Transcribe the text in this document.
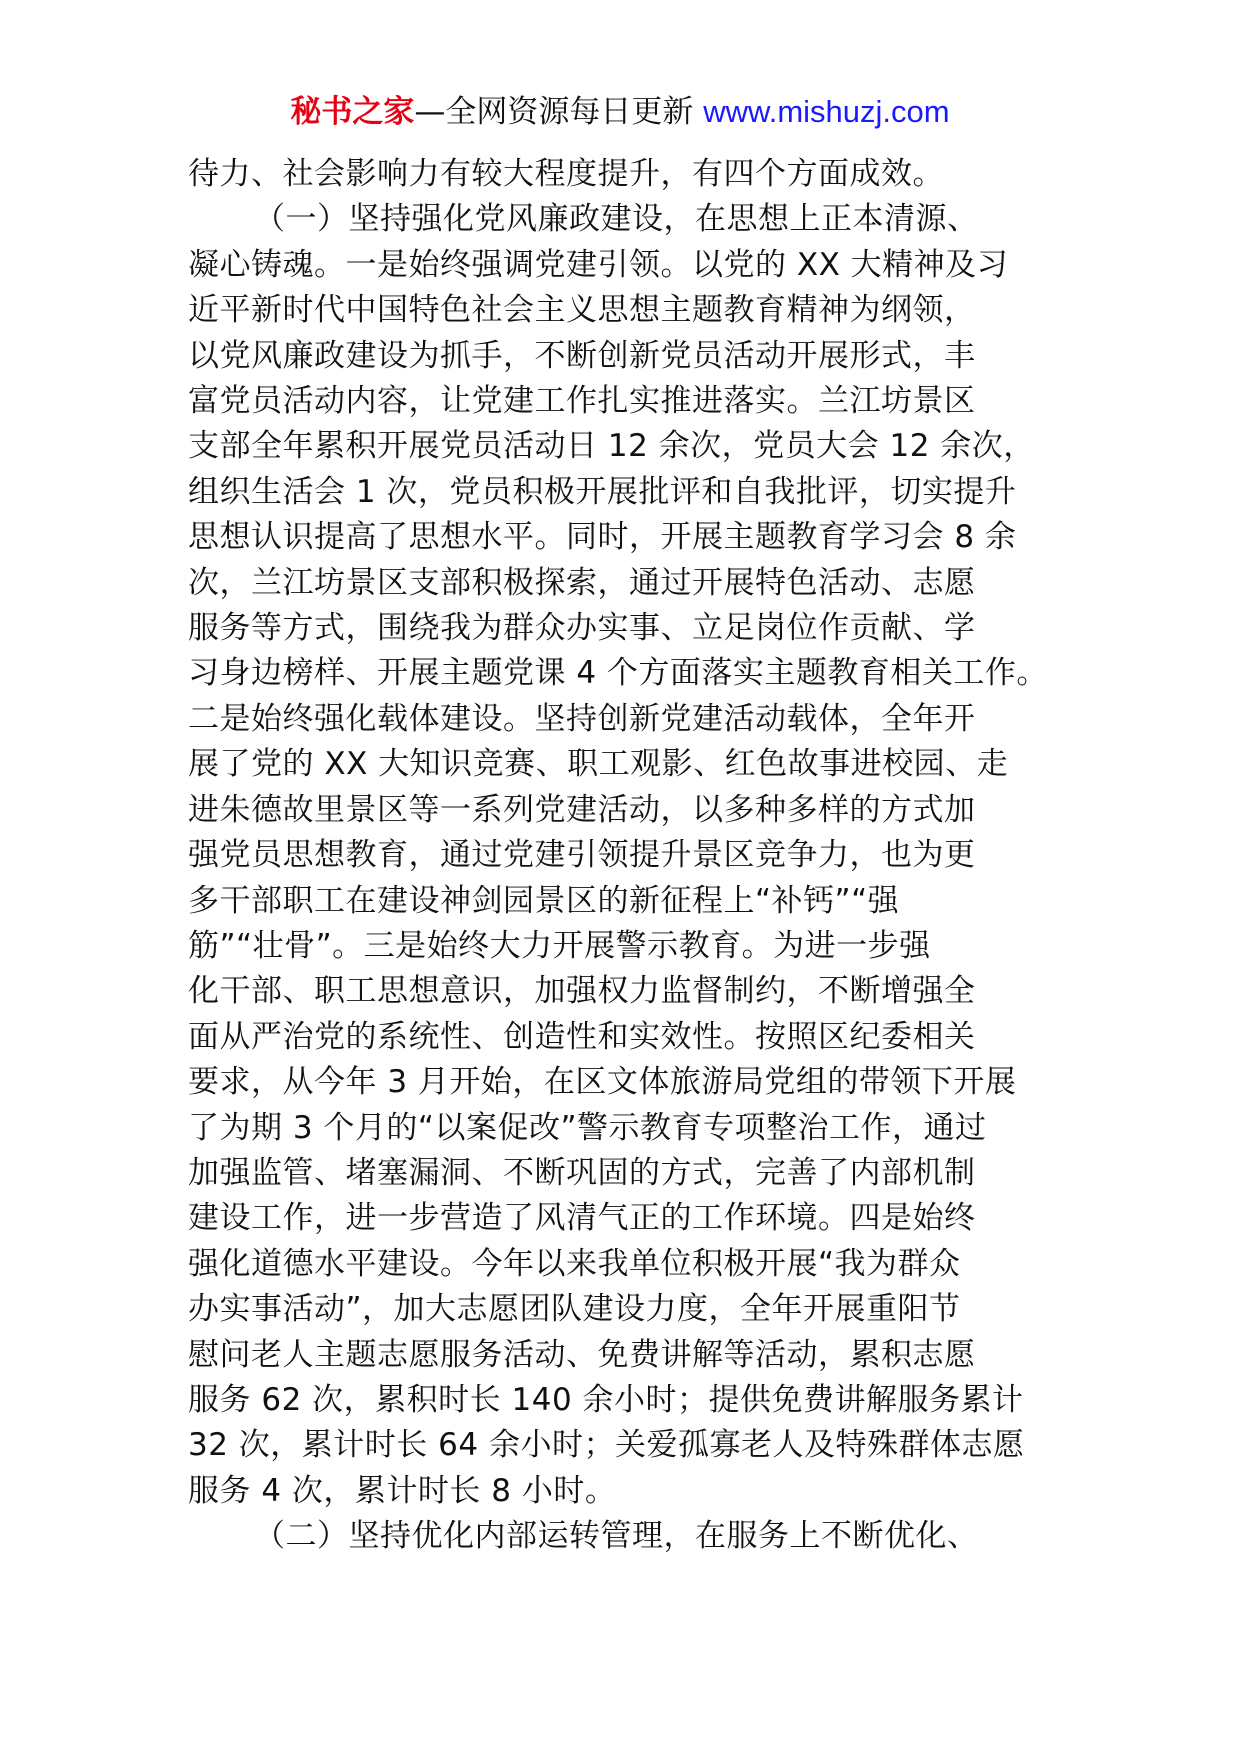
秘书之家—全网资源每日更新 www.mishuzj.com

待力、社会影响力有较大程度提升，有四个方面成效。

（一）坚持强化党风廉政建设，在思想上正本清源、

凝心铸魂。一是始终强调党建引领。以党的 XX 大精神及习

近平新时代中国特色社会主义思想主题教育精神为纲领，

以党风廉政建设为抓手，不断创新党员活动开展形式，丰

富党员活动内容，让党建工作扎实推进落实。兰江坊景区

支部全年累积开展党员活动日 12 余次，党员大会 12 余次，

组织生活会 1 次，党员积极开展批评和自我批评，切实提升

思想认识提高了思想水平。同时，开展主题教育学习会 8 余

次，兰江坊景区支部积极探索，通过开展特色活动、志愿

服务等方式，围绕我为群众办实事、立足岗位作贡献、学

习身边榜样、开展主题党课 4 个方面落实主题教育相关工作。

二是始终强化载体建设。坚持创新党建活动载体，全年开

展了党的 XX 大知识竞赛、职工观影、红色故事进校园、走

进朱德故里景区等一系列党建活动，以多种多样的方式加

强党员思想教育，通过党建引领提升景区竞争力，也为更

多干部职工在建设神剑园景区的新征程上“补钙”“强

筋”“壮骨”。三是始终大力开展警示教育。为进一步强

化干部、职工思想意识，加强权力监督制约，不断增强全

面从严治党的系统性、创造性和实效性。按照区纪委相关

要求，从今年 3 月开始，在区文体旅游局党组的带领下开展

了为期 3 个月的“以案促改”警示教育专项整治工作，通过

加强监管、堵塞漏洞、不断巩固的方式，完善了内部机制

建设工作，进一步营造了风清气正的工作环境。四是始终

强化道德水平建设。今年以来我单位积极开展“我为群众

办实事活动”，加大志愿团队建设力度，全年开展重阳节

慰问老人主题志愿服务活动、免费讲解等活动，累积志愿

服务 62 次，累积时长 140 余小时；提供免费讲解服务累计

32 次，累计时长 64 余小时；关爱孤寡老人及特殊群体志愿

服务 4 次，累计时长 8 小时。

（二）坚持优化内部运转管理，在服务上不断优化、
